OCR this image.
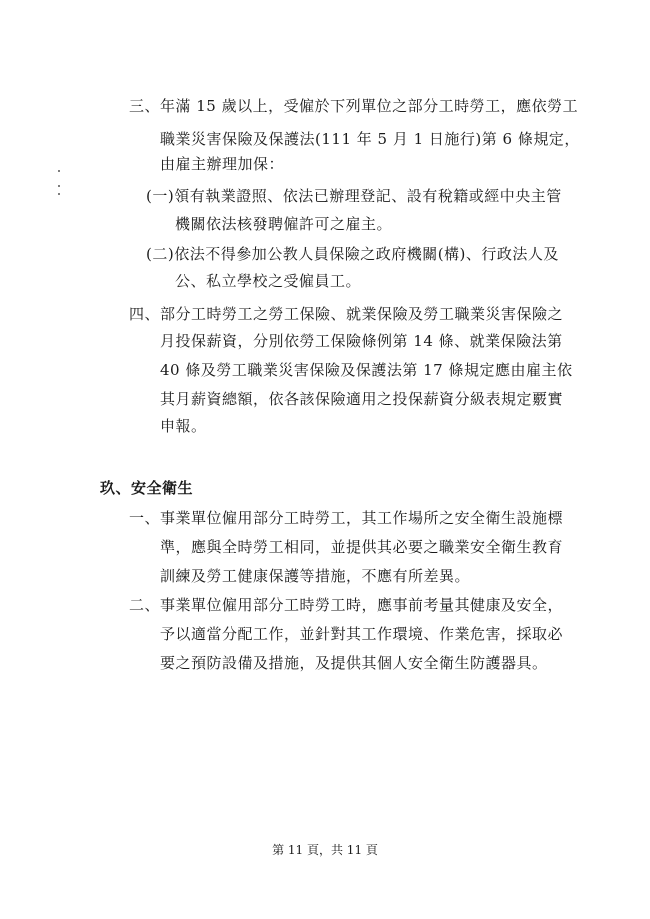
三、年滿 15 歲以上，受僱於下列單位之部分工時勞工，應依勞工
職業災害保險及保護法(111 年 5 月 1 日施行)第 6 條規定，
由雇主辦理加保：
(一)領有執業證照、依法已辦理登記、設有稅籍或經中央主管
機關依法核發聘僱許可之雇主。
(二)依法不得參加公教人員保險之政府機關(構)、行政法人及
公、私立學校之受僱員工。
四、部分工時勞工之勞工保險、就業保險及勞工職業災害保險之
月投保薪資，分別依勞工保險條例第 14 條、就業保險法第
40 條及勞工職業災害保險及保護法第 17 條規定應由雇主依
其月薪資總額，依各該保險適用之投保薪資分級表規定覈實
申報。
玖、安全衛生
一、事業單位僱用部分工時勞工，其工作場所之安全衛生設施標
準，應與全時勞工相同，並提供其必要之職業安全衛生教育
訓練及勞工健康保護等措施，不應有所差異。
二、事業單位僱用部分工時勞工時，應事前考量其健康及安全，
予以適當分配工作，並針對其工作環境、作業危害，採取必
要之預防設備及措施，及提供其個人安全衛生防護器具。
第 11 頁，共 11 頁
